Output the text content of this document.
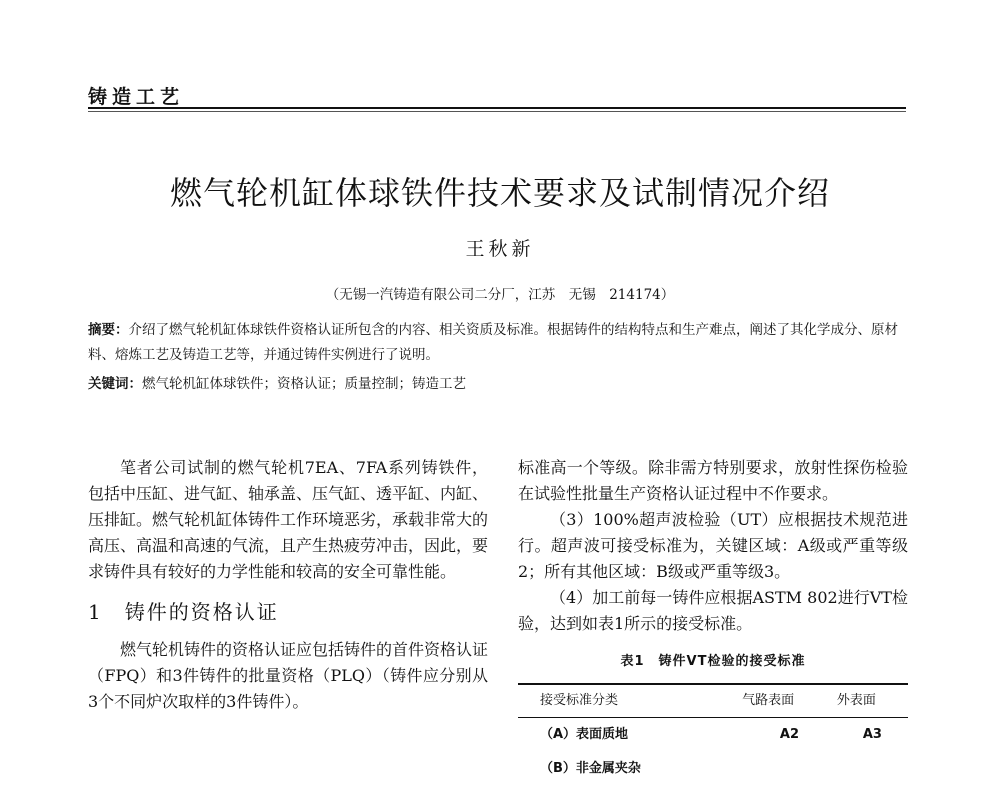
铸造工艺
燃气轮机缸体球铁件技术要求及试制情况介绍
王秋新
（无锡一汽铸造有限公司二分厂，江苏　无锡　214174）
摘要：介绍了燃气轮机缸体球铁件资格认证所包含的内容、相关资质及标准。根据铸件的结构特点和生产难点，阐述了其化学成分、原材料、熔炼工艺及铸造工艺等，并通过铸件实例进行了说明。
关键词：燃气轮机缸体球铁件；资格认证；质量控制；铸造工艺

笔者公司试制的燃气轮机7EA、7FA系列铸铁件，包括中压缸、进气缸、轴承盖、压气缸、透平缸、内缸、压排缸。燃气轮机缸体铸件工作环境恶劣，承载非常大的高压、高温和高速的气流，且产生热疲劳冲击，因此，要求铸件具有较好的力学性能和较高的安全可靠性能。

1　铸件的资格认证

燃气轮机铸件的资格认证应包括铸件的首件资格认证（FPQ）和3件铸件的批量资格（PLQ）（铸件应分别从3个不同炉次取样的3件铸件）。

标准高一个等级。除非需方特别要求，放射性探伤检验在试验性批量生产资格认证过程中不作要求。

（3）100%超声波检验（UT）应根据技术规范进行。超声波可接受标准为，关键区域：A级或严重等级2；所有其他区域：B级或严重等级3。

（4）加工前每一铸件应根据ASTM 802进行VT检验，达到如表1所示的接受标准。

表1　铸件VT检验的接受标准
接受标准分类	气路表面	外表面
（A）表面质地	A2	A3
（B）非金属夹杂		
